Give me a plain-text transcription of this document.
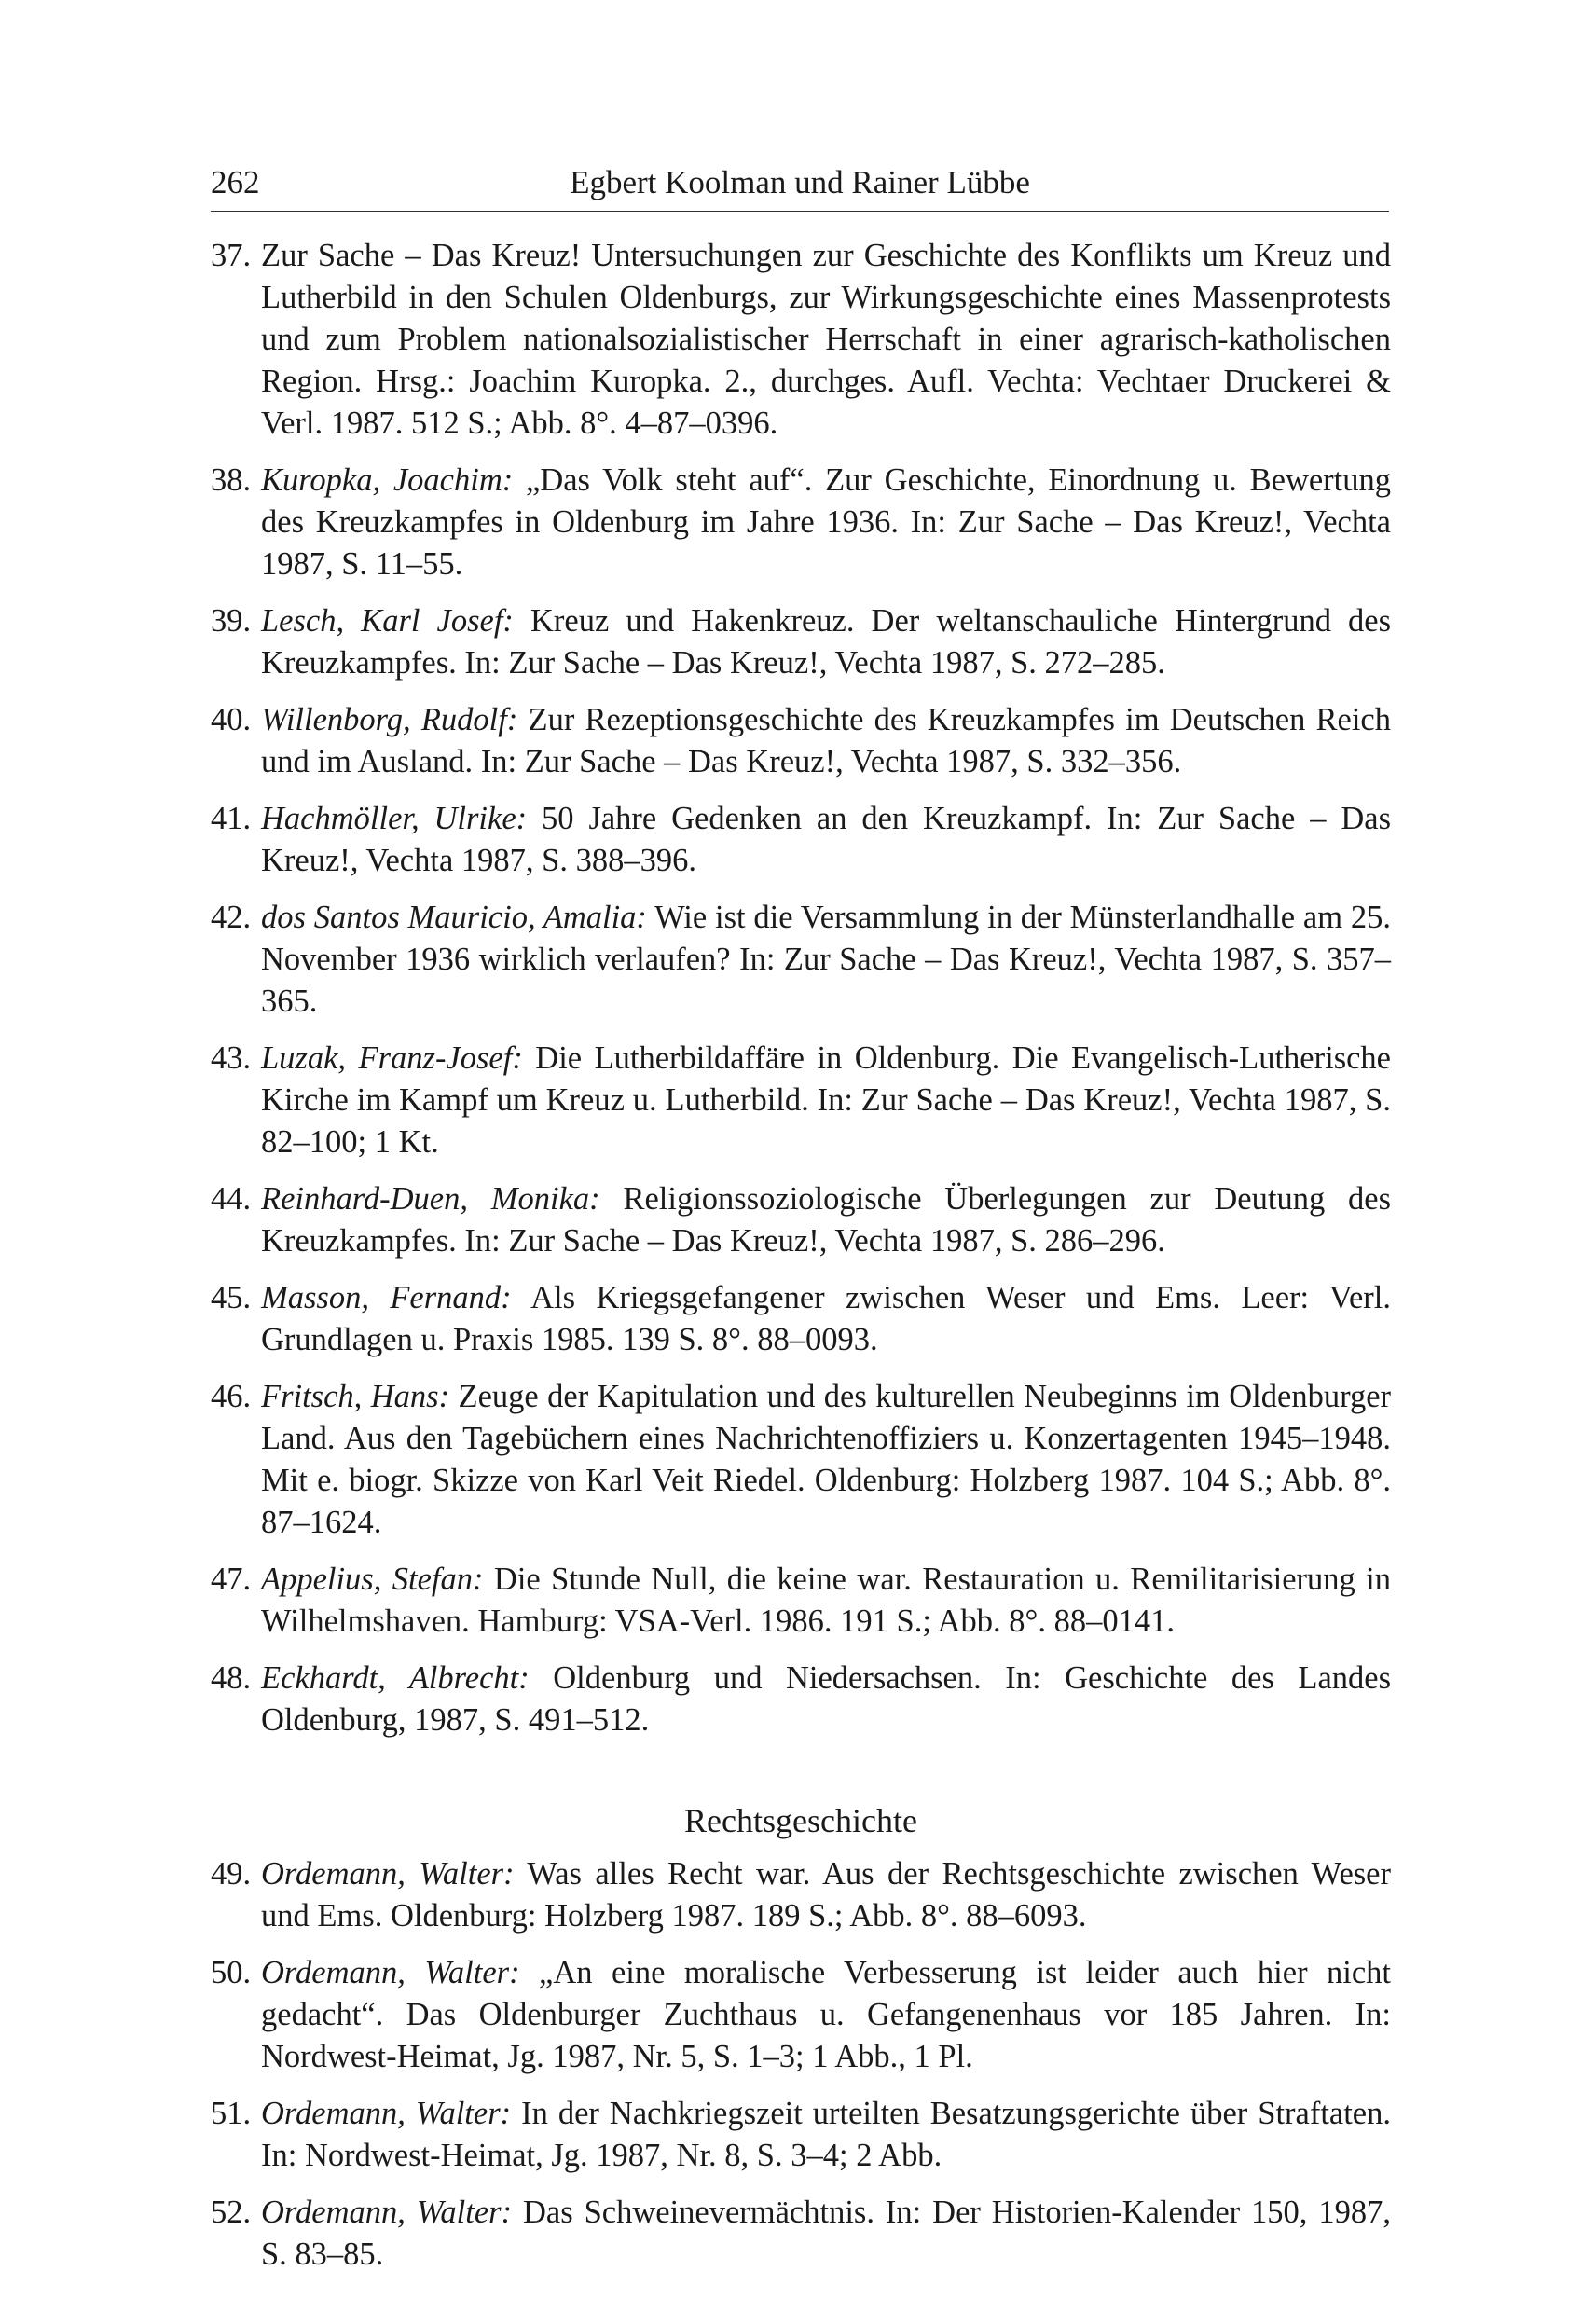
262	Egbert Koolman und Rainer Lübbe
37. Zur Sache – Das Kreuz! Untersuchungen zur Geschichte des Konflikts um Kreuz und Lutherbild in den Schulen Oldenburgs, zur Wirkungsgeschichte eines Massenprotests und zum Problem nationalsozialistischer Herrschaft in einer agrarisch-katholischen Region. Hrsg.: Joachim Kuropka. 2., durchges. Aufl. Vechta: Vechtaer Druckerei & Verl. 1987. 512 S.; Abb. 8°. 4–87–0396.
38. Kuropka, Joachim: „Das Volk steht auf“. Zur Geschichte, Einordnung u. Bewertung des Kreuzkampfes in Oldenburg im Jahre 1936. In: Zur Sache – Das Kreuz!, Vechta 1987, S. 11–55.
39. Lesch, Karl Josef: Kreuz und Hakenkreuz. Der weltanschauliche Hintergrund des Kreuzkampfes. In: Zur Sache – Das Kreuz!, Vechta 1987, S. 272–285.
40. Willenborg, Rudolf: Zur Rezeptionsgeschichte des Kreuzkampfes im Deutschen Reich und im Ausland. In: Zur Sache – Das Kreuz!, Vechta 1987, S. 332–356.
41. Hachmöller, Ulrike: 50 Jahre Gedenken an den Kreuzkampf. In: Zur Sache – Das Kreuz!, Vechta 1987, S. 388–396.
42. dos Santos Mauricio, Amalia: Wie ist die Versammlung in der Münsterlandhalle am 25. November 1936 wirklich verlaufen? In: Zur Sache – Das Kreuz!, Vechta 1987, S. 357–365.
43. Luzak, Franz-Josef: Die Lutherbildaffäre in Oldenburg. Die Evangelisch-Lutherische Kirche im Kampf um Kreuz u. Lutherbild. In: Zur Sache – Das Kreuz!, Vechta 1987, S. 82–100; 1 Kt.
44. Reinhard-Duen, Monika: Religionssoziologische Überlegungen zur Deutung des Kreuzkampfes. In: Zur Sache – Das Kreuz!, Vechta 1987, S. 286–296.
45. Masson, Fernand: Als Kriegsgefangener zwischen Weser und Ems. Leer: Verl. Grundlagen u. Praxis 1985. 139 S. 8°. 88–0093.
46. Fritsch, Hans: Zeuge der Kapitulation und des kulturellen Neubeginns im Oldenburger Land. Aus den Tagebüchern eines Nachrichtenoffiziers u. Konzertagenten 1945–1948. Mit e. biogr. Skizze von Karl Veit Riedel. Oldenburg: Holzberg 1987. 104 S.; Abb. 8°. 87–1624.
47. Appelius, Stefan: Die Stunde Null, die keine war. Restauration u. Remilitarisierung in Wilhelmshaven. Hamburg: VSA-Verl. 1986. 191 S.; Abb. 8°. 88–0141.
48. Eckhardt, Albrecht: Oldenburg und Niedersachsen. In: Geschichte des Landes Oldenburg, 1987, S. 491–512.
Rechtsgeschichte
49. Ordemann, Walter: Was alles Recht war. Aus der Rechtsgeschichte zwischen Weser und Ems. Oldenburg: Holzberg 1987. 189 S.; Abb. 8°. 88–6093.
50. Ordemann, Walter: „An eine moralische Verbesserung ist leider auch hier nicht gedacht“. Das Oldenburger Zuchthaus u. Gefangenenhaus vor 185 Jahren. In: Nordwest-Heimat, Jg. 1987, Nr. 5, S. 1–3; 1 Abb., 1 Pl.
51. Ordemann, Walter: In der Nachkriegszeit urteilten Besatzungsgerichte über Straftaten. In: Nordwest-Heimat, Jg. 1987, Nr. 8, S. 3–4; 2 Abb.
52. Ordemann, Walter: Das Schweinevermächtnis. In: Der Historien-Kalender 150, 1987, S. 83–85.
